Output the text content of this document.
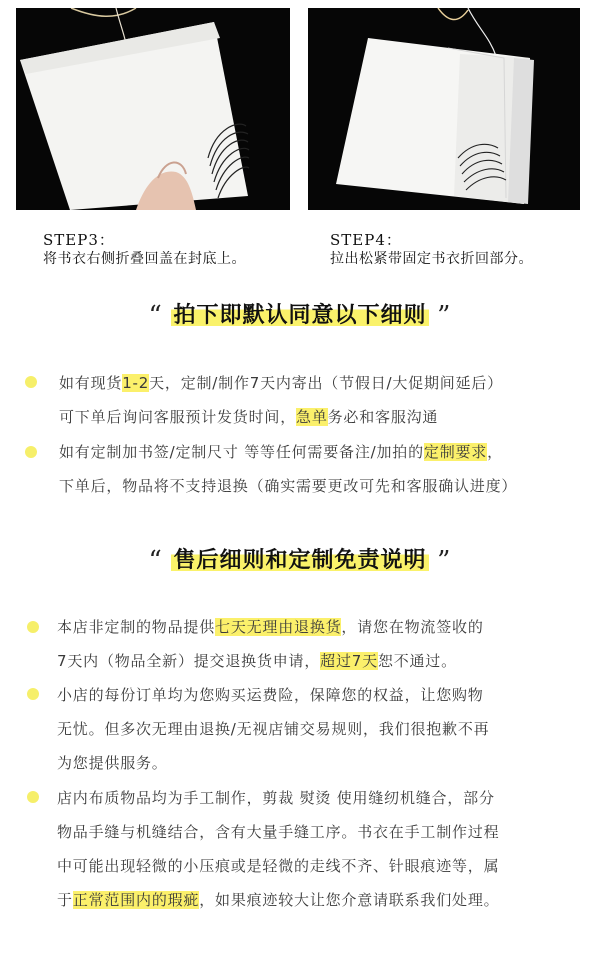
STEP3：
将书衣右侧折叠回盖在封底上。
STEP4：
拉出松紧带固定书衣折回部分。
“ 拍下即默认同意以下细则 ”
如有现货1-2天，定制/制作7天内寄出（节假日/大促期间延后）
可下单后询问客服预计发货时间，急单务必和客服沟通
如有定制加书签/定制尺寸 等等任何需要备注/加拍的定制要求，
下单后，物品将不支持退换（确实需要更改可先和客服确认进度）
“ 售后细则和定制免责说明 ”
本店非定制的物品提供七天无理由退换货，请您在物流签收的
7天内（物品全新）提交退换货申请，超过7天恕不通过。
小店的每份订单均为您购买运费险，保障您的权益，让您购物
无忧。但多次无理由退换/无视店铺交易规则，我们很抱歉不再
为您提供服务。
店内布质物品均为手工制作，剪裁 熨烫 使用缝纫机缝合，部分
物品手缝与机缝结合，含有大量手缝工序。书衣在手工制作过程
中可能出现轻微的小压痕或是轻微的走线不齐、针眼痕迹等，属
于正常范围内的瑕疵，如果痕迹较大让您介意请联系我们处理。
